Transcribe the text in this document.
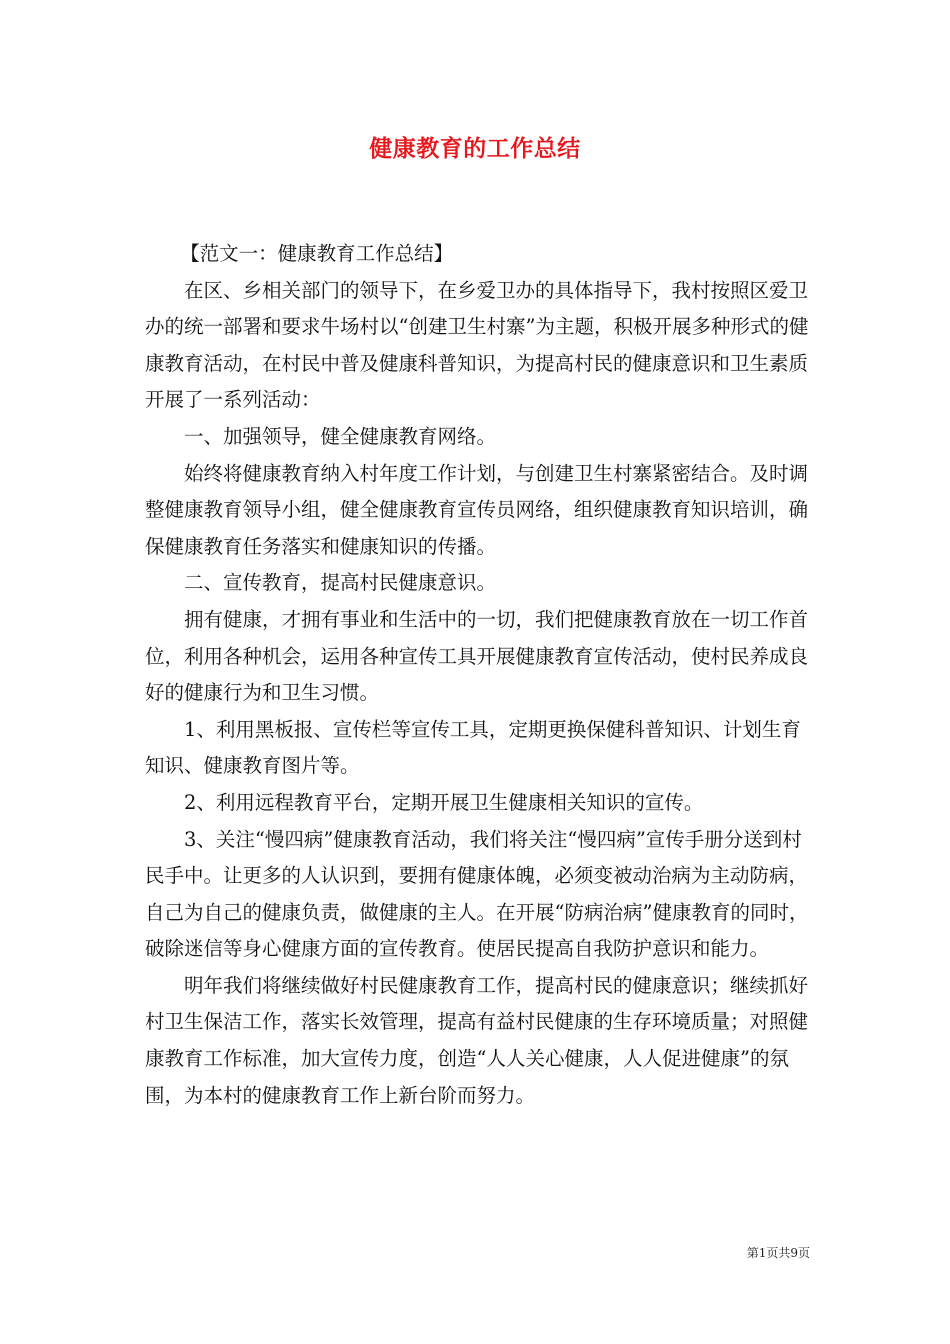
健康教育的工作总结

【范文一：健康教育工作总结】

在区、乡相关部门的领导下，在乡爱卫办的具体指导下，我村按照区爱卫办的统一部署和要求牛场村以“创建卫生村寨”为主题，积极开展多种形式的健康教育活动，在村民中普及健康科普知识，为提高村民的健康意识和卫生素质开展了一系列活动：

一、加强领导，健全健康教育网络。

始终将健康教育纳入村年度工作计划，与创建卫生村寨紧密结合。及时调整健康教育领导小组，健全健康教育宣传员网络，组织健康教育知识培训，确保健康教育任务落实和健康知识的传播。

二、宣传教育，提高村民健康意识。

拥有健康，才拥有事业和生活中的一切，我们把健康教育放在一切工作首位，利用各种机会，运用各种宣传工具开展健康教育宣传活动，使村民养成良好的健康行为和卫生习惯。

1、利用黑板报、宣传栏等宣传工具，定期更换保健科普知识、计划生育知识、健康教育图片等。

2、利用远程教育平台，定期开展卫生健康相关知识的宣传。

3、关注“慢四病”健康教育活动，我们将关注“慢四病”宣传手册分送到村民手中。让更多的人认识到，要拥有健康体魄，必须变被动治病为主动防病，自己为自己的健康负责，做健康的主人。在开展“防病治病”健康教育的同时，破除迷信等身心健康方面的宣传教育。使居民提高自我防护意识和能力。

明年我们将继续做好村民健康教育工作，提高村民的健康意识；继续抓好村卫生保洁工作，落实长效管理，提高有益村民健康的生存环境质量；对照健康教育工作标准，加大宣传力度，创造“人人关心健康，人人促进健康”的氛围，为本村的健康教育工作上新台阶而努力。

第1页共9页
